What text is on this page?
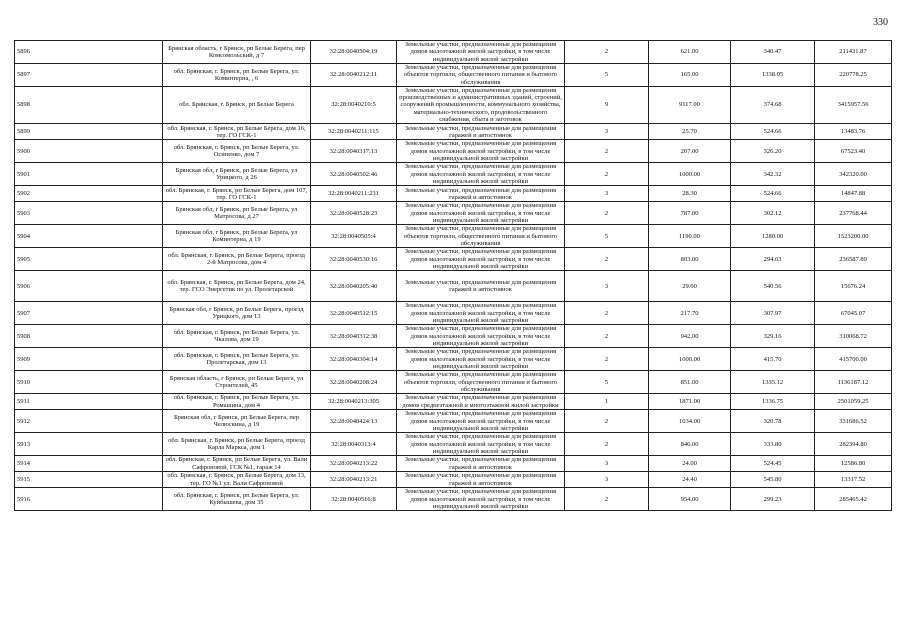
330
5896	Брянская область, г Брянск, рп Белые Берега, пер Комсомольский, д 7	32:28:0040504:19	Земельные участки, предназначенные для размещения домов малоэтажной жилой застройки, в том числе индивидуальной жилой застройки	2	621.00	340.47	211431.87
5897	обл. Брянская, г. Брянск, рп Белые Берега, ул. Коминтерна, , 6	32:28:0040212:11	Земельные участки, предназначенные для размещения объектов торговли, общественного питания и бытового обслуживания	5	165.00	1338.05	220778.25
5898	обл. Брянская, г. Брянск, рп Белые Берега	32:28:0040210:5	Земельные участки, предназначенные для размещения производственных и административных зданий, строений, сооружений промышленности, коммунального хозяйства, материально-технического, продовольственного снабжения, сбыта и заготовок	9	9117.00	374.68	3415957.56
5899	обл. Брянская, г. Брянск, рп Белые Берега, дом 16, тер. ГО ГСК-1	32:28:0040211:115	Земельные участки, предназначенные для размещения гаражей и автостоянок	3	25.70	524.66	13483.76
5900	обл. Брянская, г. Брянск, рп Белые Берега, ул. Осипенко, дом 7	32:28:0040317:13	Земельные участки, предназначенные для размещения домов малоэтажной жилой застройки, в том числе индивидуальной жилой застройки	2	207.00	326.20	67523.40
5901	Брянская обл, г Брянск, рп Белые Берега, ул Урицкого, д 26	32:28:0040502:46	Земельные участки, предназначенные для размещения домов малоэтажной жилой застройки, в том числе индивидуальной жилой застройки	2	1000.00	342.32	342320.00
5902	обл. Брянская, г. Брянск, рп Белые Берега, дом 107, тер. ГО ГСК-1	32:28:0040211:231	Земельные участки, предназначенные для размещения гаражей и автостоянок	3	28.30	524.66	14847.88
5903	Брянская обл, г Брянск, рп Белые Берега, ул Матросова, д 27	32:28:0040528:23	Земельные участки, предназначенные для размещения домов малоэтажной жилой застройки, в том числе индивидуальной жилой застройки	2	787.00	302.12	237768.44
5904	Брянская обл, г Брянск, рп Белые Берега, ул Коминтерна, д 19	32:28:0040505:4	Земельные участки, предназначенные для размещения объектов торговли, общественного питания и бытового обслуживания	5	1190.00	1280.00	1523200.00
5905	обл. Брянская, г. Брянск, рп Белые Берега, проезд 2-й Матросова, дом 4	32:28:0040530:16	Земельные участки, предназначенные для размещения домов малоэтажной жилой застройки, в том числе индивидуальной жилой застройки	2	803.00	294.63	236587.89
5906	обл. Брянская, г. Брянск, рп Белые Берега, дом 24, тер. ГСО Энергетик по ул. Пролетарской	32:28:0040205:40	Земельные участки, предназначенные для размещения гаражей и автостоянок	3	29.00	540.56	15676.24
5907	Брянская обл, г Брянск, рп Белые Берега, проезд Урицкого, дом 13	32:28:0040512:15	Земельные участки, предназначенные для размещения домов малоэтажной жилой застройки, в том числе индивидуальной жилой застройки	2	217.70	307.97	67045.07
5908	обл. Брянская, г. Брянск, рп Белые Берега, ул. Чкалова, дом 19	32:28:0040312:38	Земельные участки, предназначенные для размещения домов малоэтажной жилой застройки, в том числе индивидуальной жилой застройки	2	942.00	329.16	310068.72
5909	обл. Брянская, г. Брянск, рп Белые Берега, ул. Пролетарская, дом 13	32:28:0040304:14	Земельные участки, предназначенные для размещения домов малоэтажной жилой застройки, в том числе индивидуальной жилой застройки	2	1000.00	415.70	415700.00
5910	Брянская область, г Брянск, рп Белые Берега, ул Строителей, 45	32:28:0040208:24	Земельные участки, предназначенные для размещения объектов торговли, общественного питания и бытового обслуживания	5	851.00	1335.12	1136187.12
5911	обл. Брянская, г. Брянск, рп Белые Берега, ул. Ромашина, дом 4	32:28:0040213:305	Земельные участки, предназначенные для размещения домов среднеэтажной и многоэтажной жилой застройки	1	1871.00	1336.75	2501059.25
5912	Брянская обл, г Брянск, рп Белые Берега, пер Челюскина, д 19	32:28:0040424:13	Земельные участки, предназначенные для размещения домов малоэтажной жилой застройки, в том числе индивидуальной жилой застройки	2	1034.00	320.78	331686.52
5913	обл. Брянская, г. Брянск, рп Белые Берега, проезд Карла Маркса, дом 1	32:28:0040313:4	Земельные участки, предназначенные для размещения домов малоэтажной жилой застройки, в том числе индивидуальной жилой застройки	2	846.00	333.80	282394.80
5914	обл. Брянская, г. Брянск, рп Белые Берега, ул. Вали Сафроновой, ГСК №1, гараж 14	32:28:0040213:22	Земельные участки, предназначенные для размещения гаражей и автостоянок	3	24.00	524.45	12586.80
5915	обл. Брянская, г. Брянск, рп Белые Берега, дом 13, тер. ГО №1 ул. Вали Сафроновой	32:28:0040213:21	Земельные участки, предназначенные для размещения гаражей и автостоянок	3	24.40	545.80	13317.52
5916	обл. Брянская, г. Брянск, рп Белые Берега, ул. Куйбышева, дом 35	32:28:0040516:8	Земельные участки, предназначенные для размещения домов малоэтажной жилой застройки, в том числе индивидуальной жилой застройки	2	954.00	299.23	285465.42
